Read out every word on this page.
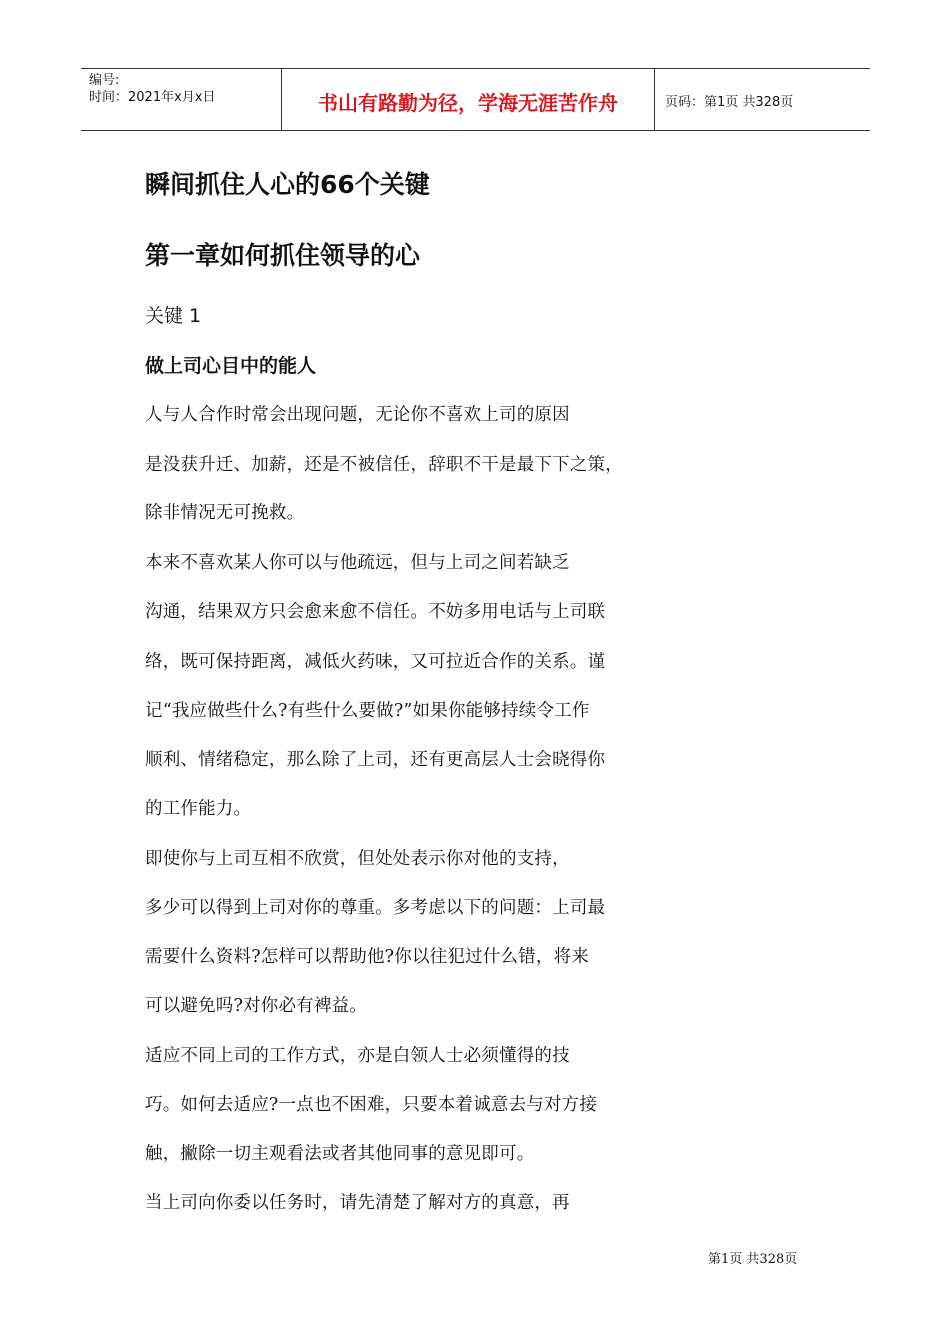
编号:
时间：2021年x月x日	书山有路勤为径，学海无涯苦作舟	页码：第1页 共328页
瞬间抓住人心的66个关键
第一章如何抓住领导的心
关键 1
做上司心目中的能人
人与人合作时常会出现问题，无论你不喜欢上司的原因
是没获升迁、加薪，还是不被信任，辞职不干是最下下之策，
除非情况无可挽救。
本来不喜欢某人你可以与他疏远，但与上司之间若缺乏
沟通，结果双方只会愈来愈不信任。不妨多用电话与上司联
络，既可保持距离，减低火药味，又可拉近合作的关系。谨
记“我应做些什么?有些什么要做?”如果你能够持续令工作
顺利、情绪稳定，那么除了上司，还有更高层人士会晓得你
的工作能力。
即使你与上司互相不欣赏，但处处表示你对他的支持，
多少可以得到上司对你的尊重。多考虑以下的问题：上司最
需要什么资料?怎样可以帮助他?你以往犯过什么错，将来
可以避免吗?对你必有裨益。
适应不同上司的工作方式，亦是白领人士必须懂得的技
巧。如何去适应?一点也不困难，只要本着诚意去与对方接
触，撇除一切主观看法或者其他同事的意见即可。
当上司向你委以任务时，请先清楚了解对方的真意，再
第1页 共328页
